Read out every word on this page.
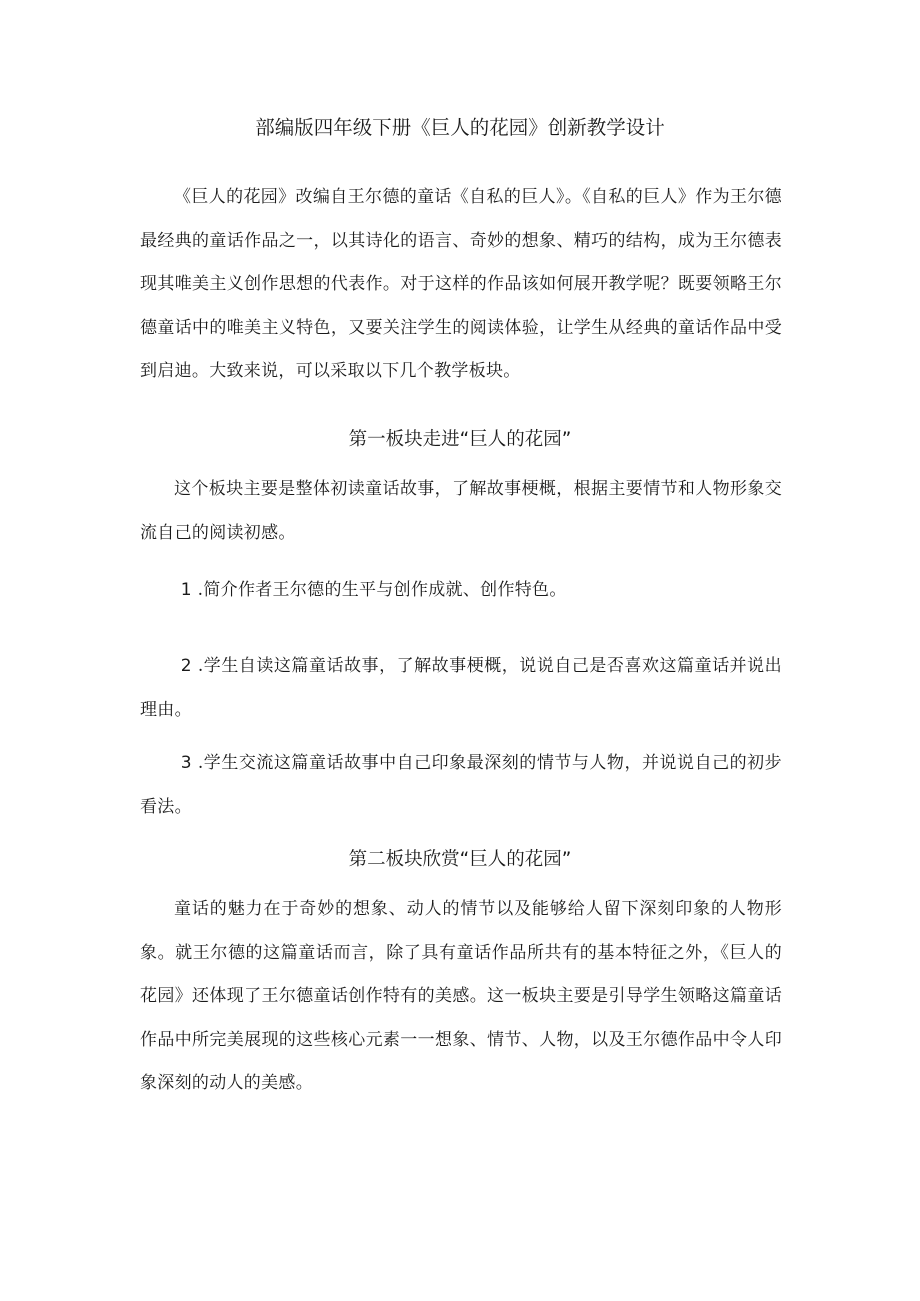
部编版四年级下册《巨人的花园》创新教学设计

《巨人的花园》改编自王尔德的童话《自私的巨人》。《自私的巨人》作为王尔德最经典的童话作品之一，以其诗化的语言、奇妙的想象、精巧的结构，成为王尔德表现其唯美主义创作思想的代表作。对于这样的作品该如何展开教学呢？既要领略王尔德童话中的唯美主义特色，又要关注学生的阅读体验，让学生从经典的童话作品中受到启迪。大致来说，可以采取以下几个教学板块。

第一板块走进“巨人的花园”

这个板块主要是整体初读童话故事，了解故事梗概，根据主要情节和人物形象交流自己的阅读初感。

1 .简介作者王尔德的生平与创作成就、创作特色。

2 .学生自读这篇童话故事，了解故事梗概，说说自己是否喜欢这篇童话并说出理由。

3 .学生交流这篇童话故事中自己印象最深刻的情节与人物，并说说自己的初步看法。

第二板块欣赏“巨人的花园”

童话的魅力在于奇妙的想象、动人的情节以及能够给人留下深刻印象的人物形象。就王尔德的这篇童话而言，除了具有童话作品所共有的基本特征之外，《巨人的花园》还体现了王尔德童话创作特有的美感。这一板块主要是引导学生领略这篇童话作品中所完美展现的这些核心元素一一想象、情节、人物，以及王尔德作品中令人印象深刻的动人的美感。
